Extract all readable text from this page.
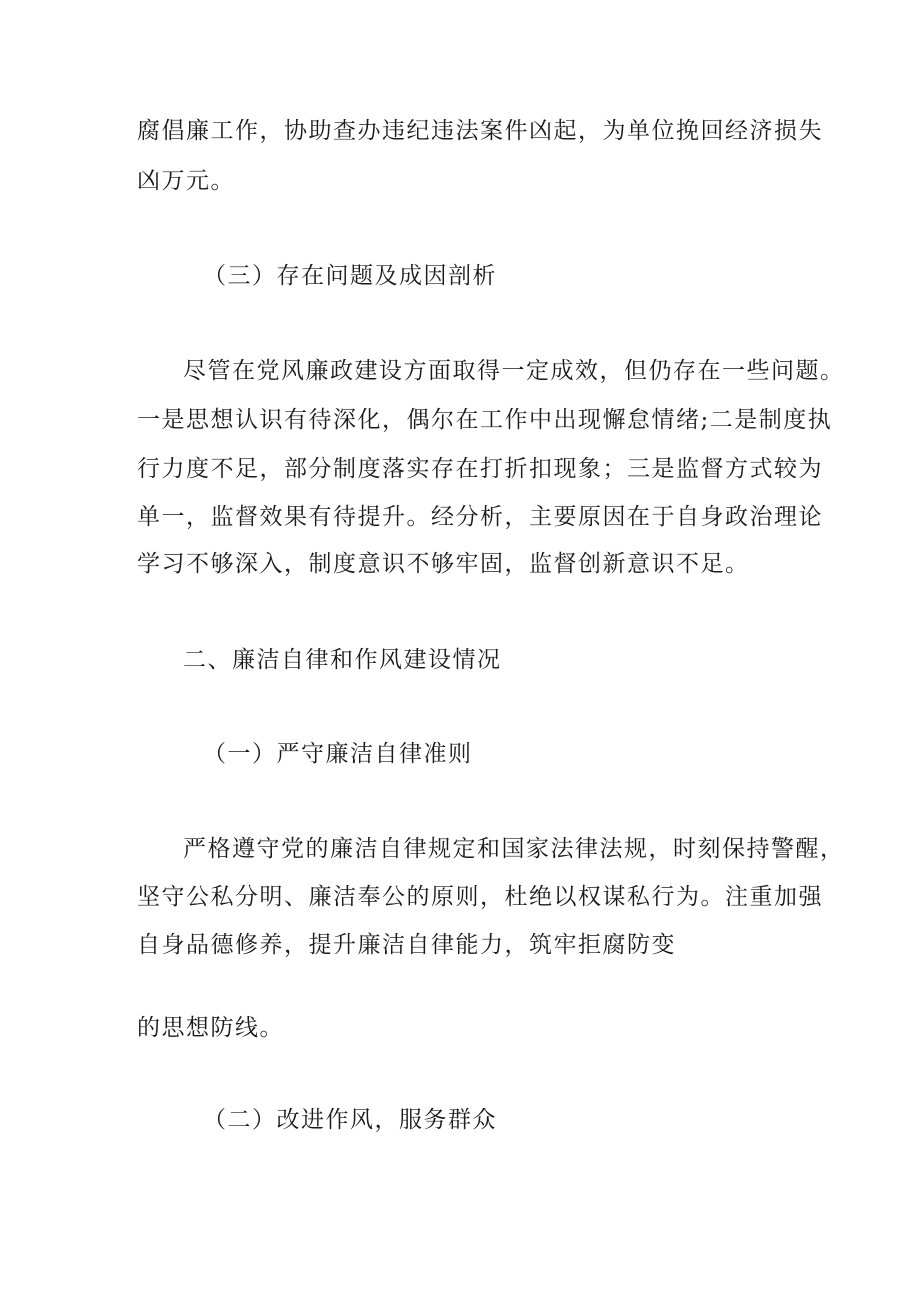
腐倡廉工作，协助查办违纪违法案件凶起，为单位挽回经济损失
凶万元。
（三）存在问题及成因剖析
尽管在党风廉政建设方面取得一定成效，但仍存在一些问题。
一是思想认识有待深化，偶尔在工作中出现懈怠情绪;二是制度执
行力度不足，部分制度落实存在打折扣现象；三是监督方式较为
单一，监督效果有待提升。经分析，主要原因在于自身政治理论
学习不够深入，制度意识不够牢固，监督创新意识不足。
二、廉洁自律和作风建设情况
（一）严守廉洁自律准则
严格遵守党的廉洁自律规定和国家法律法规，时刻保持警醒，
坚守公私分明、廉洁奉公的原则，杜绝以权谋私行为。注重加强
自身品德修养，提升廉洁自律能力，筑牢拒腐防变
的思想防线。
（二）改进作风，服务群众
